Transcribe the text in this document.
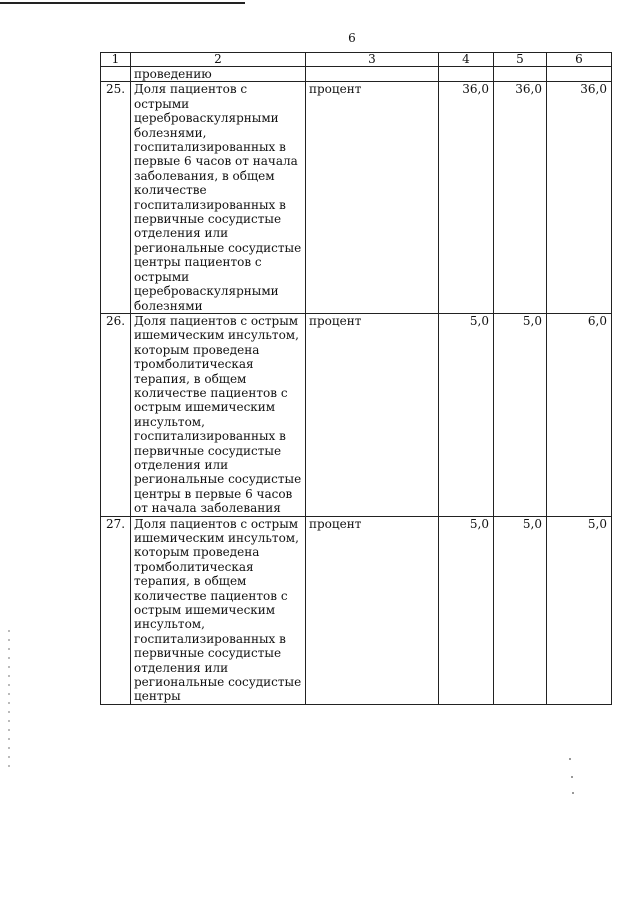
6
1	2	3	4	5	6
	проведению				
25.	Доля пациентов с острыми цереброваскулярными болезнями, госпитализированных в первые 6 часов от начала заболевания, в общем количестве госпитализированных в первичные сосудистые отделения или региональные сосудистые центры пациентов с острыми цереброваскулярными болезнями	процент	36,0	36,0	36,0
26.	Доля пациентов с острым ишемическим инсультом, которым проведена тромболитическая терапия, в общем количестве пациентов с острым ишемическим инсультом, госпитализированных в первичные сосудистые отделения или региональные сосудистые центры в первые 6 часов от начала заболевания	процент	5,0	5,0	6,0
27.	Доля пациентов с острым ишемическим инсультом, которым проведена тромболитическая терапия, в общем количестве пациентов с острым ишемическим инсультом, госпитализированных в первичные сосудистые отделения или региональные сосудистые центры	процент	5,0	5,0	5,0
